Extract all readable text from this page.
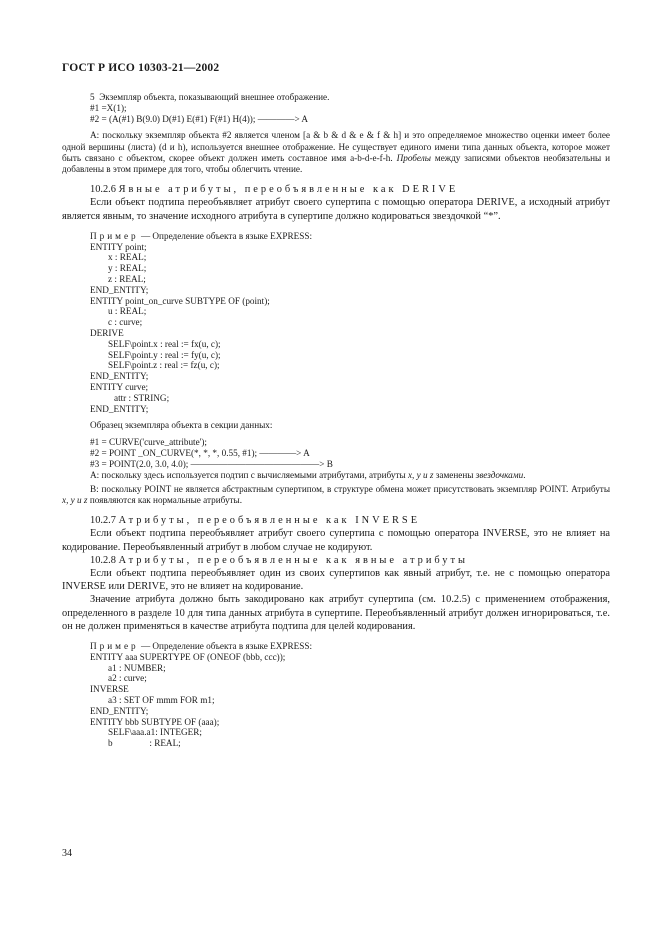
ГОСТ Р ИСО 10303-21—2002
5  Экземпляр объекта, показывающий внешнее отображение.
#1 =X(1);
#2 = (A(#1) B(9.0) D(#1) E(#1) F(#1) H(4)); ————> A
A: поскольку экземпляр объекта #2 является членом [a & b & d & e & f & h] и это определяемое множество оценки имеет более одной вершины (листа) (d и h), используется внешнее отображение. Не существует единого имени типа данных объекта, которое может быть связано с объектом, скорее объект должен иметь составное имя a-b-d-e-f-h. Пробелы между записями объектов необязательны и добавлены в этом примере для того, чтобы облегчить чтение.
10.2.6 Явные атрибуты, переобъявленные как DERIVE
Если объект подтипа переобъявляет атрибут своего супертипа с помощью оператора DERIVE, а исходный атрибут является явным, то значение исходного атрибута в супертипе должно кодироваться звездочкой “*”.
Пример — Определение объекта в языке EXPRESS:
ENTITY point;
x : REAL;
y : REAL;
z : REAL;
END_ENTITY;
ENTITY point_on_curve SUBTYPE OF (point);
u : REAL;
c : curve;
DERIVE
SELF\point.x : real := fx(u, c);
SELF\point.y : real := fy(u, c);
SELF\point.z : real := fz(u, c);
END_ENTITY;
ENTITY curve;
attr : STRING;
END_ENTITY;
Образец экземпляра объекта в секции данных:
#1 = CURVE('curve_attribute');
#2 = POINT _ON_CURVE(*, *, *, 0.55, #1); ————> A
#3 = POINT(2.0, 3.0, 4.0); ——————————————> B
A: поскольку здесь используется подтип с вычисляемыми атрибутами, атрибуты x, y и z заменены звездочками.
B: поскольку POINT не является абстрактным супертипом, в структуре обмена может присутствовать экземпляр POINT. Атрибуты x, y и z появляются как нормальные атрибуты.
10.2.7 Атрибуты, переобъявленные как INVERSE
Если объект подтипа переобъявляет атрибут своего супертипа с помощью оператора INVERSE, это не влияет на кодирование. Переобъявленный атрибут в любом случае не кодируют.
10.2.8 Атрибуты, переобъявленные как явные атрибуты
Если объект подтипа переобъявляет один из своих супертипов как явный атрибут, т.е. не с помощью оператора INVERSE или DERIVE, это не влияет на кодирование.
Значение атрибута должно быть закодировано как атрибут супертипа (см. 10.2.5) с применением отображения, определенного в разделе 10 для типа данных атрибута в супертипе. Переобъявленный атрибут должен игнорироваться, т.е. он не должен применяться в качестве атрибута подтипа для целей кодирования.
Пример — Определение объекта в языке EXPRESS:
ENTITY aaa SUPERTYPE OF (ONEOF (bbb, ccc));
a1 : NUMBER;
a2 : curve;
INVERSE
a3 : SET OF mmm FOR m1;
END_ENTITY;
ENTITY bbb SUBTYPE OF (aaa);
SELF\aaa.a1: INTEGER;
b                : REAL;
34
